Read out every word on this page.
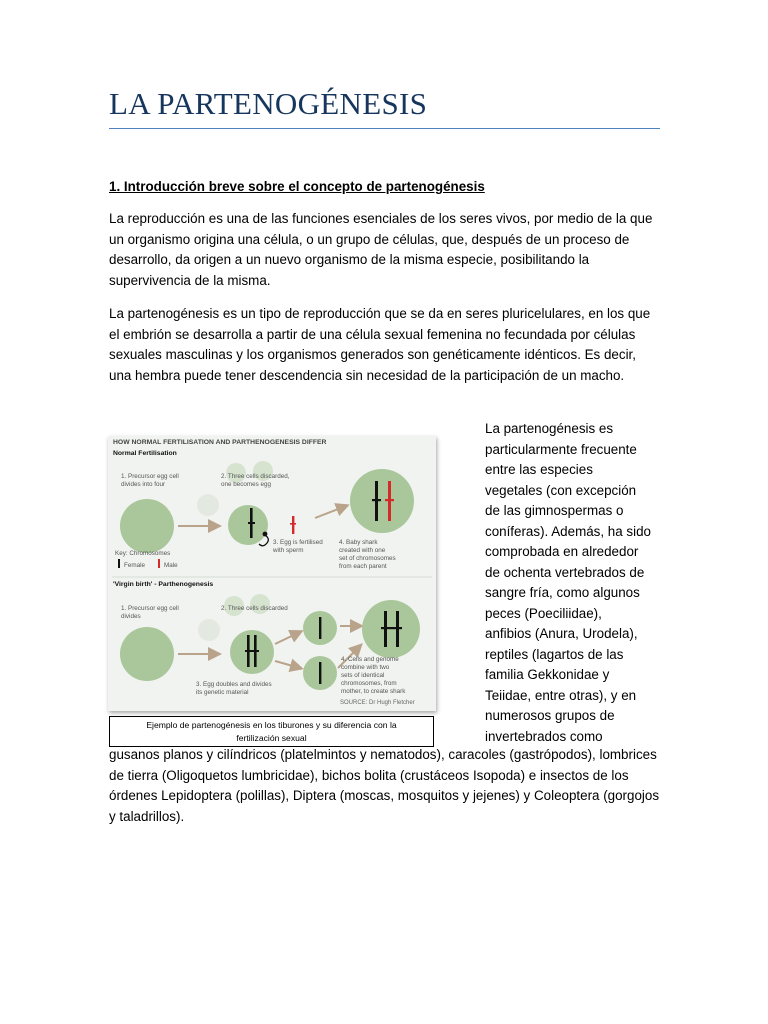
LA PARTENOGÉNESIS
1. Introducción breve sobre el concepto de partenogénesis
La reproducción es una de las funciones esenciales de los seres vivos, por medio de la que un organismo origina una célula, o un grupo de células, que, después de un proceso de desarrollo, da origen a un nuevo organismo de la misma especie, posibilitando la supervivencia de la misma.
La partenogénesis es un tipo de reproducción que se da en seres pluricelulares, en los que el embrión se desarrolla a partir de una célula sexual femenina no fecundada por células sexuales masculinas y los organismos generados son genéticamente idénticos. Es decir, una hembra puede tener descendencia sin necesidad de la participación de un macho.
La partenogénesis es
particularmente frecuente
entre las especies
vegetales (con excepción
de las gimnospermas o
coníferas). Además, ha sido
comprobada en alrededor
de ochenta vertebrados de
sangre fría, como algunos
peces (Poeciliidae),
anfibios (Anura, Urodela),
reptiles (lagartos de las
familia Gekkonidae y
Teiidae, entre otras), y en
numerosos grupos de
invertebrados como
gusanos planos y cilíndricos (platelmintos y nematodos), caracoles (gastrópodos), lombrices de tierra (Oligoquetos lumbricidae), bichos bolita (crustáceos Isopoda) e insectos de los órdenes Lepidoptera (polillas), Diptera (moscas, mosquitos y jejenes) y Coleoptera (gorgojos y taladrillos).
HOW NORMAL FERTILISATION AND PARTHENOGENESIS DIFFER
Normal Fertilisation
1. Precursor egg cell
divides into four
2. Three cells discarded,
one becomes egg
3. Egg is fertilised
with sperm
4. Baby shark
created with one
set of chromosomes
from each parent
Key: Chromosomes
Female	Male
'Virgin birth' - Parthenogenesis
1. Precursor egg cell
divides
2. Three cells discarded
3. Egg doubles and divides
its genetic material
4. Cells and genome
combine with two
sets of identical
chromosomes, from
mother, to create shark
SOURCE: Dr Hugh Fletcher
Ejemplo de partenogénesis en los tiburones y su diferencia con la
fertilización sexual
